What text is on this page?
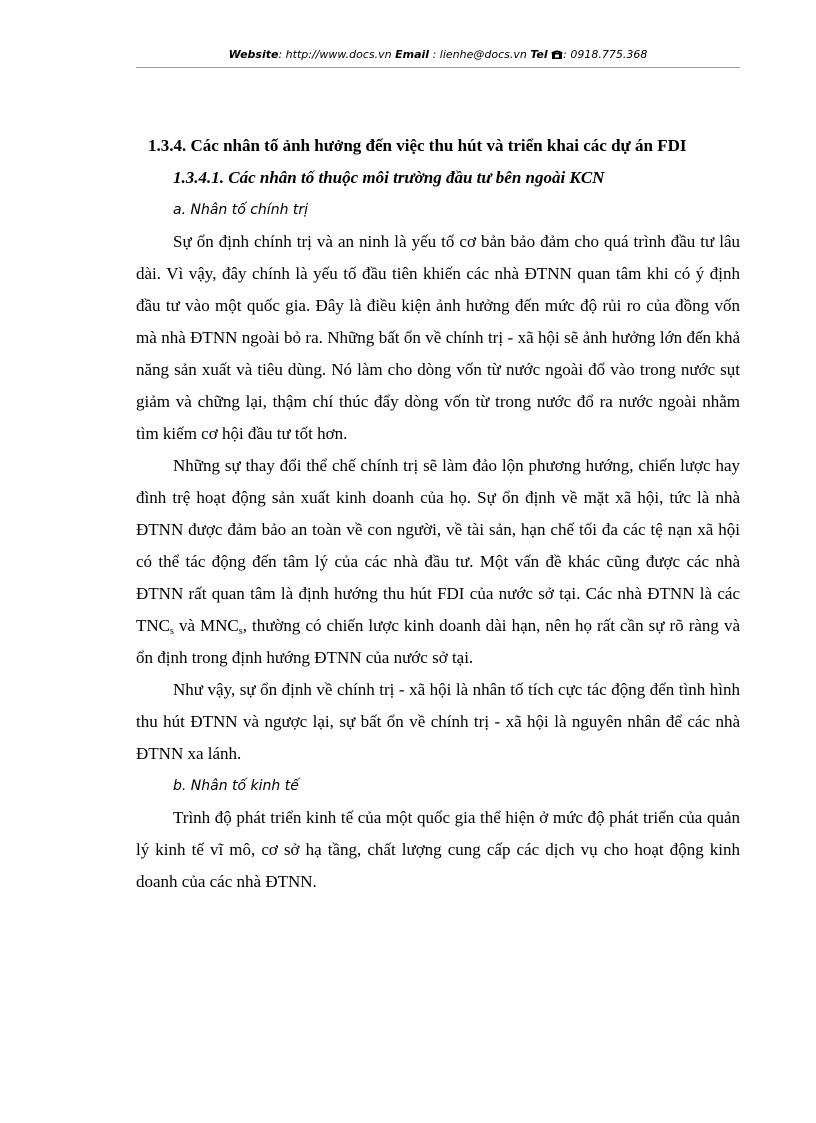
Website: http://www.docs.vn Email : lienhe@docs.vn Tel : 0918.775.368

1.3.4. Các nhân tố ảnh hưởng đến việc thu hút và triển khai các dự án FDI

1.3.4.1. Các nhân tố thuộc môi trường đầu tư bên ngoài KCN

a. Nhân tố chính trị

Sự ổn định chính trị và an ninh là yếu tố cơ bản bảo đảm cho quá trình đầu tư lâu dài. Vì vậy, đây chính là yếu tố đầu tiên khiến các nhà ĐTNN quan tâm khi có ý định đầu tư vào một quốc gia. Đây là điều kiện ảnh hưởng đến mức độ rủi ro của đồng vốn mà nhà ĐTNN ngoài bỏ ra. Những bất ổn về chính trị - xã hội sẽ ảnh hưởng lớn đến khả năng sản xuất và tiêu dùng. Nó làm cho dòng vốn từ nước ngoài đổ vào trong nước sụt giảm và chững lại, thậm chí thúc đẩy dòng vốn từ trong nước đổ ra nước ngoài nhằm tìm kiếm cơ hội đầu tư tốt hơn.

Những sự thay đổi thể chế chính trị sẽ làm đảo lộn phương hướng, chiến lược hay đình trệ hoạt động sản xuất kinh doanh của họ. Sự ổn định về mặt xã hội, tức là nhà ĐTNN được đảm bảo an toàn về con người, về tài sản, hạn chế tối đa các tệ nạn xã hội có thể tác động đến tâm lý của các nhà đầu tư. Một vấn đề khác cũng được các nhà ĐTNN rất quan tâm là định hướng thu hút FDI của nước sở tại. Các nhà ĐTNN là các $TNC_s$ và $MNC_s$, thường có chiến lược kinh doanh dài hạn, nên họ rất cần sự rõ ràng và ổn định trong định hướng ĐTNN của nước sở tại.

Như vậy, sự ổn định về chính trị - xã hội là nhân tố tích cực tác động đến tình hình thu hút ĐTNN và ngược lại, sự bất ổn về chính trị - xã hội là nguyên nhân để các nhà ĐTNN xa lánh.

b. Nhân tố kinh tế

Trình độ phát triển kinh tế của một quốc gia thể hiện ở mức độ phát triển của quản lý kinh tế vĩ mô, cơ sở hạ tầng, chất lượng cung cấp các dịch vụ cho hoạt động kinh doanh của các nhà ĐTNN.
